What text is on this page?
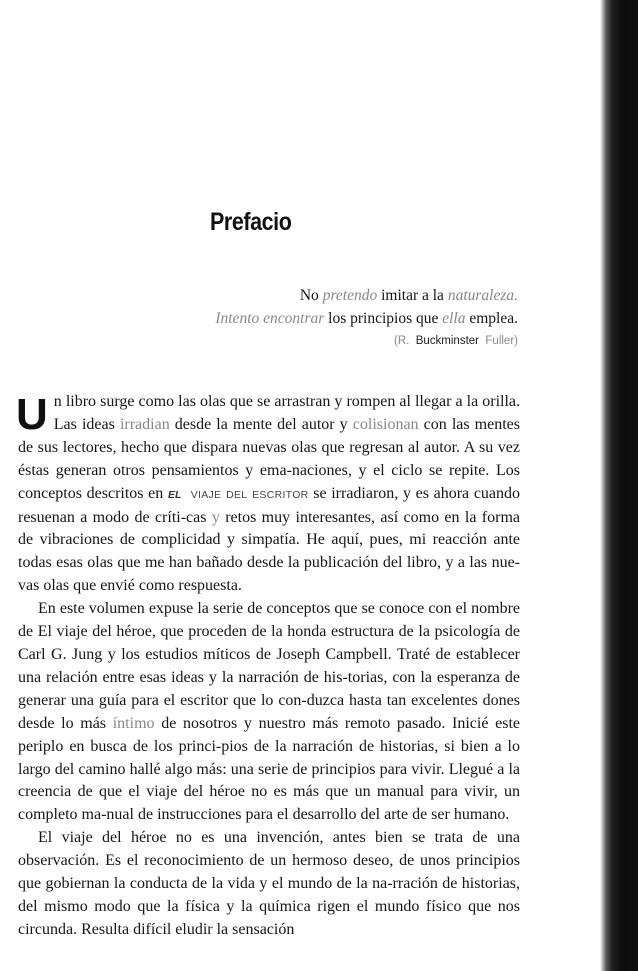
Prefacio
No pretendo imitar a la naturaleza.
Intento encontrar los principios que ella emplea.
(R. Buckminster Fuller)

Un libro surge como las olas que se arrastran y rompen al llegar a la orilla. Las ideas irradian desde la mente del autor y colisionan con las mentes de sus lectores, hecho que dispara nuevas olas que regresan al autor. A su vez éstas generan otros pensamientos y ema-naciones, y el ciclo se repite. Los conceptos descritos en EL VIAJE DEL ESCRITOR se irradiaron, y es ahora cuando resuenan a modo de críti-cas y retos muy interesantes, así como en la forma de vibraciones de complicidad y simpatía. He aquí, pues, mi reacción ante todas esas olas que me han bañado desde la publicación del libro, y a las nue-vas olas que envié como respuesta.

En este volumen expuse la serie de conceptos que se conoce con el nombre de El viaje del héroe, que proceden de la honda estructura de la psicología de Carl G. Jung y los estudios míticos de Joseph Campbell. Traté de establecer una relación entre esas ideas y la narración de his-torias, con la esperanza de generar una guía para el escritor que lo con-duzca hasta tan excelentes dones desde lo más íntimo de nosotros y nuestro más remoto pasado. Inicié este periplo en busca de los princi-pios de la narración de historias, si bien a lo largo del camino hallé algo más: una serie de principios para vivir. Llegué a la creencia de que el viaje del héroe no es más que un manual para vivir, un completo ma-nual de instrucciones para el desarrollo del arte de ser humano.

El viaje del héroe no es una invención, antes bien se trata de una observación. Es el reconocimiento de un hermoso deseo, de unos principios que gobiernan la conducta de la vida y el mundo de la na-rración de historias, del mismo modo que la física y la química rigen el mundo físico que nos circunda. Resulta difícil eludir la sensación
